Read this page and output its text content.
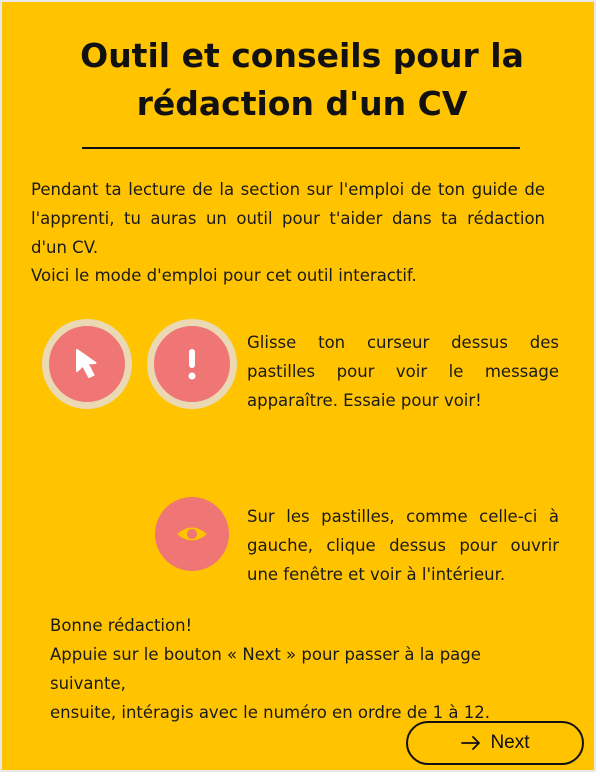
Outil et conseils pour la rédaction d'un CV

Pendant ta lecture de la section sur l'emploi de ton guide de l'apprenti, tu auras un outil pour t'aider dans ta rédaction d'un CV.

Voici le mode d'emploi pour cet outil interactif.

Glisse ton curseur dessus des pastilles pour voir le message apparaître. Essaie pour voir!

Sur les pastilles, comme celle-ci à gauche, clique dessus pour ouvrir une fenêtre et voir à l'intérieur.

Bonne rédaction!
Appuie sur le bouton « Next » pour passer à la page suivante,
ensuite, intéragis avec le numéro en ordre de 1 à 12.
Next
